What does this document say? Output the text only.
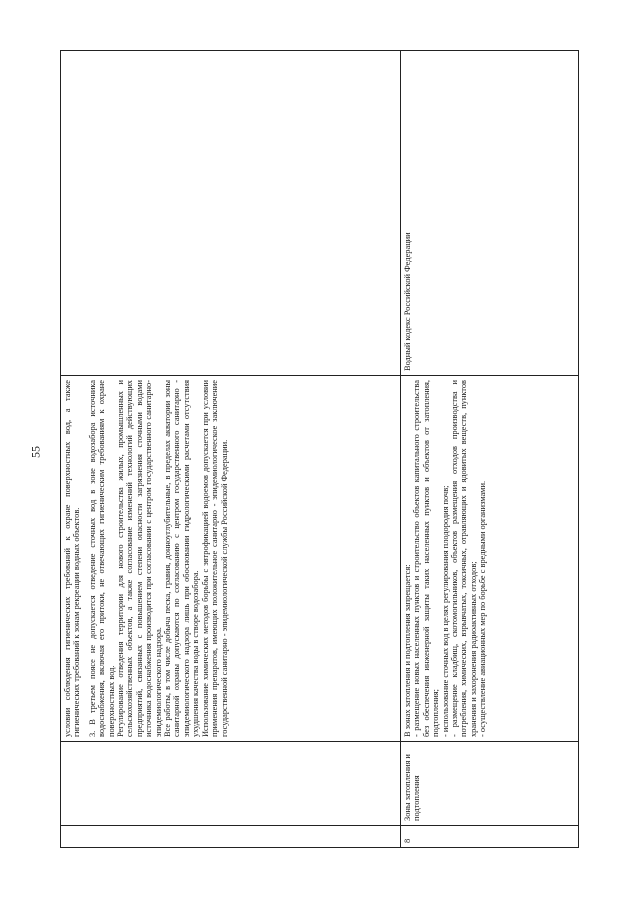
55

		условии соблюдения гигиенических требований к охране поверхностных вод, а также гигиенических требований к зонам рекреации водных объектов. 3. В третьем поясе не допускается отведение сточных вод в зоне водозабора источника водоснабжения, включая его притоки, не отвечающих гигиеническим требованиям к охране поверхностных вод. Регулирование отведения территории для нового строительства жилых, промышленных и сельскохозяйственных объектов, а также согласование изменений технологий действующих предприятий, связанных с повышением степени опасности загрязнения сточными водами источника водоснабжения производится при согласовании с центром государственного санитарно-эпидемиологического надзора. Все работы, в том числе добыча песка, гравия, донноуглубительные, в пределах акватории зоны санитарной охраны допускаются по согласованию с центром государственного санитарно - эпидемиологического надзора лишь при обосновании гидрологическими расчетами отсутствия ухудшения качества воды в створе водозабора. Использование химических методов борьбы с эвтрофикацией водоемов допускается при условии применения препаратов, имеющих положительное санитарно - эпидемиологическое заключение государственной санитарно - эпидемиологической службы Российской Федерации.	

8	Зоны затопления и подтопления	В зонах затопления и подтопления запрещается: - размещение новых населенных пунктов и строительство объектов капитального строительства без обеспечения инженерной защиты таких населенных пунктов и объектов от затопления, подтопления; - использование сточных вод в целях регулирования плодородия почв; - размещение кладбищ, скотомогильников, объектов размещения отходов производства и потребления, химических, взрывчатых, токсичных, отравляющих и ядовитых веществ, пунктов хранения и захоронения радиоактивных отходов; - осуществление авиационных мер по борьбе с вредными организмами.	Водный кодекс Российской Федерации
